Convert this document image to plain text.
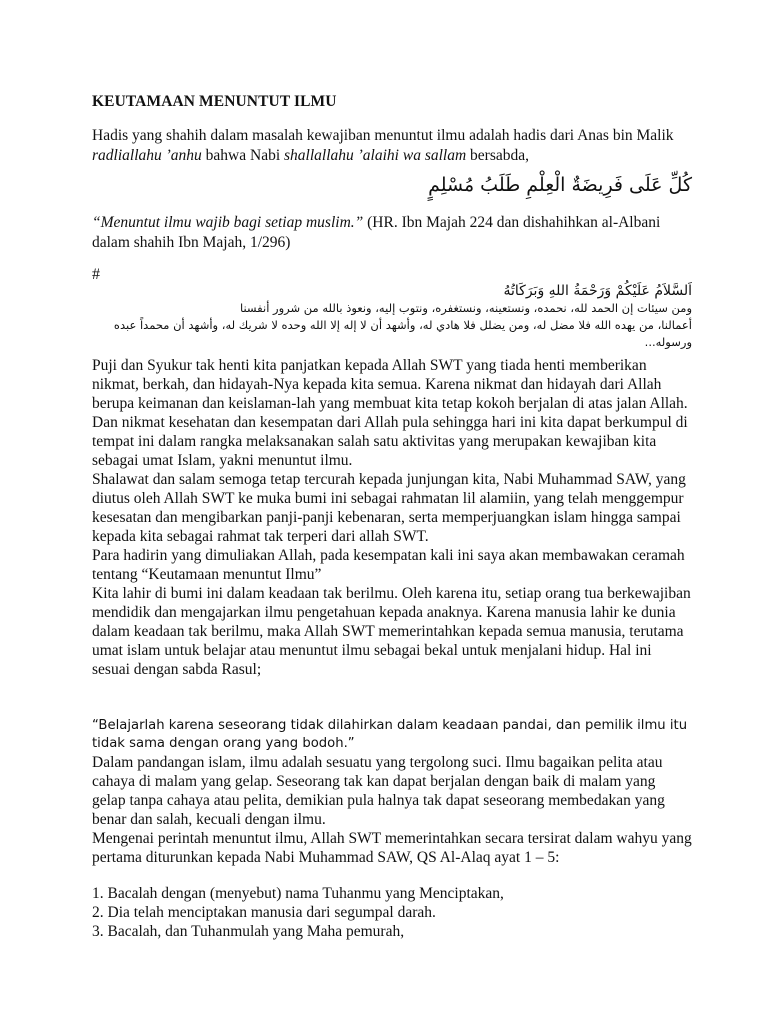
KEUTAMAAN MENUNTUT ILMU
Hadis yang shahih dalam masalah kewajiban menuntut ilmu adalah hadis dari Anas bin Malik radliallahu ’anhu bahwa Nabi shallallahu ’alaihi wa sallam bersabda,
كُلِّ عَلَى فَرِيضَةٌ الْعِلْمِ طَلَبُ مُسْلِمٍ
“Menuntut ilmu wajib bagi setiap muslim.” (HR. Ibn Majah 224 dan dishahihkan al-Albani dalam shahih Ibn Majah, 1/296)
#
اَلسَّلاَمُ عَلَيْكُمْ وَرَحْمَةُ اللهِ وَبَرَكَاتُهُ
ومن سيئات إن الحمد لله، نحمده، ونستعينه، ونستغفره، ونتوب إليه، ونعوذ بالله من شرور أنفسنا
أعمالنا، من يهده الله فلا مضل له، ومن يضلل فلا هادي له، وأشهد أن لا إله إلا الله وحده لا شريك له، وأشهد أن محمداً عبده
ورسوله...

Puji dan Syukur tak henti kita panjatkan kepada Allah SWT yang tiada henti memberikan nikmat, berkah, dan hidayah-Nya kepada kita semua. Karena nikmat dan hidayah dari Allah berupa keimanan dan keislaman-lah yang membuat kita tetap kokoh berjalan di atas jalan Allah. Dan nikmat kesehatan dan kesempatan dari Allah pula sehingga hari ini kita dapat berkumpul di tempat ini dalam rangka melaksanakan salah satu aktivitas yang merupakan kewajiban kita sebagai umat Islam, yakni menuntut ilmu.

Shalawat dan salam semoga tetap tercurah kepada junjungan kita, Nabi Muhammad SAW, yang diutus oleh Allah SWT ke muka bumi ini sebagai rahmatan lil alamiin, yang telah menggempur kesesatan dan mengibarkan panji-panji kebenaran, serta memperjuangkan islam hingga sampai kepada kita sebagai rahmat tak terperi dari allah SWT.

Para hadirin yang dimuliakan Allah, pada kesempatan kali ini saya akan membawakan ceramah tentang “Keutamaan menuntut Ilmu”

Kita lahir di bumi ini dalam keadaan tak berilmu. Oleh karena itu, setiap orang tua berkewajiban mendidik dan mengajarkan ilmu pengetahuan kepada anaknya. Karena manusia lahir ke dunia dalam keadaan tak berilmu, maka Allah SWT memerintahkan kepada semua manusia, terutama umat islam untuk belajar atau menuntut ilmu sebagai bekal untuk menjalani hidup. Hal ini sesuai dengan sabda Rasul;

“Belajarlah karena seseorang tidak dilahirkan dalam keadaan pandai, dan pemilik ilmu itu tidak sama dengan orang yang bodoh.”

Dalam pandangan islam, ilmu adalah sesuatu yang tergolong suci. Ilmu bagaikan pelita atau cahaya di malam yang gelap. Seseorang tak kan dapat berjalan dengan baik di malam yang gelap tanpa cahaya atau pelita, demikian pula halnya tak dapat seseorang membedakan yang benar dan salah, kecuali dengan ilmu.

Mengenai perintah menuntut ilmu, Allah SWT memerintahkan secara tersirat dalam wahyu yang pertama diturunkan kepada Nabi Muhammad SAW, QS Al-Alaq ayat 1 – 5:

1. Bacalah dengan (menyebut) nama Tuhanmu yang Menciptakan,

2. Dia telah menciptakan manusia dari segumpal darah.

3. Bacalah, dan Tuhanmulah yang Maha pemurah,
